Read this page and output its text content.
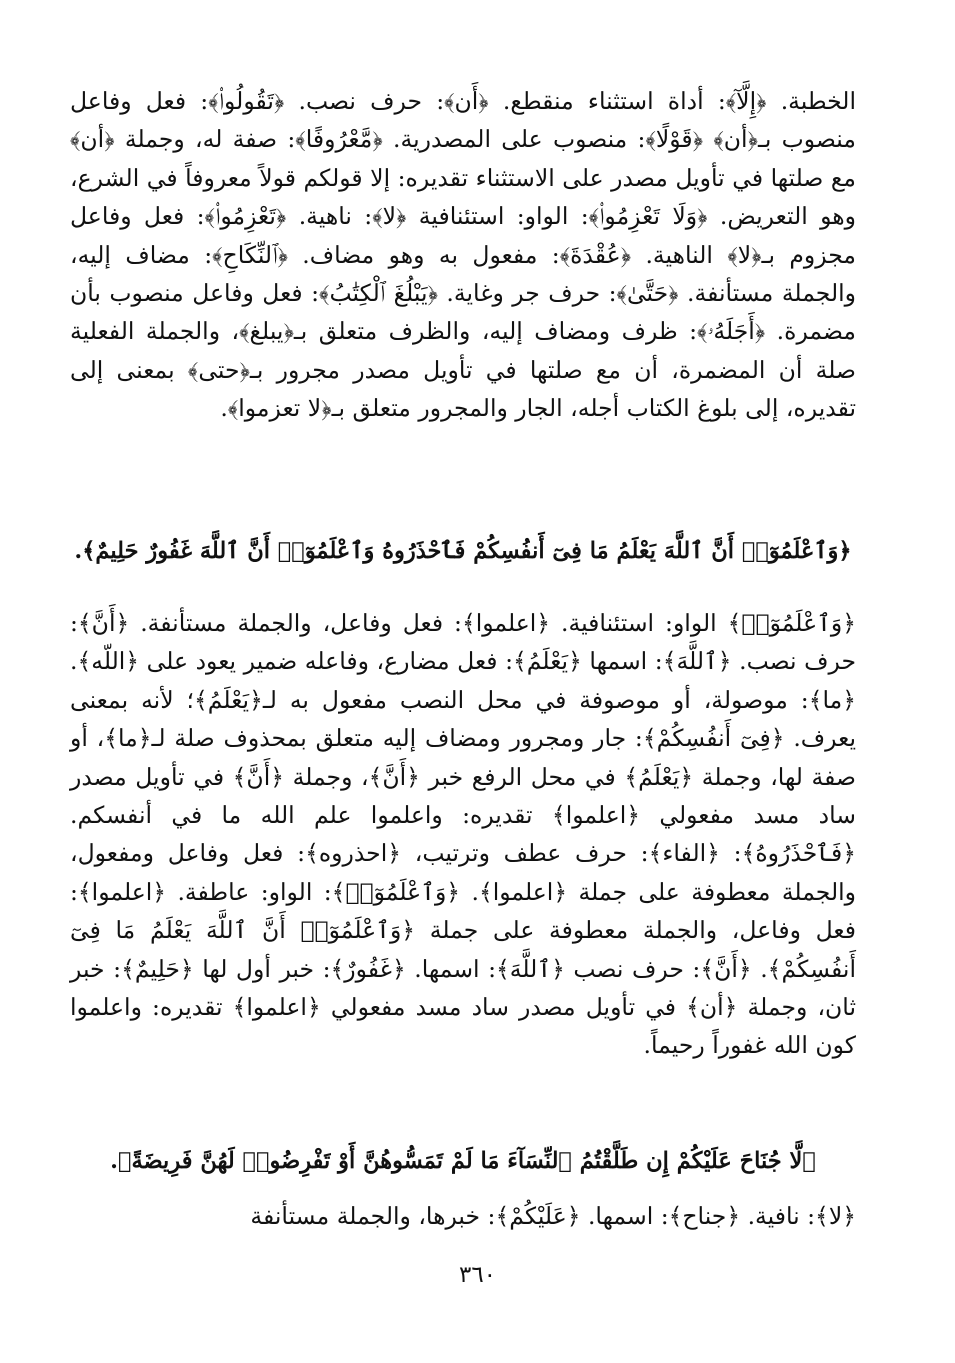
الخطبة. ﴿إِلَّآ﴾: أداة استثناء منقطع. ﴿أَن﴾: حرف نصب. ﴿تَقُولُوا۟﴾: فعل وفاعل منصوب بـ﴿أن﴾ ﴿قَوْلًا﴾: منصوب على المصدرية. ﴿مَّعْرُوفًا﴾: صفة له، وجملة ﴿أن﴾ مع صلتها في تأويل مصدر على الاستثناء تقديره: إلا قولكم قولاً معروفاً في الشرع، وهو التعريض. ﴿وَلَا تَعْزِمُوا۟﴾: الواو: استئنافية ﴿لا﴾: ناهية. ﴿تَعْزِمُوا۟﴾: فعل وفاعل مجزوم بـ﴿لا﴾ الناهية. ﴿عُقْدَةَ﴾: مفعول به وهو مضاف. ﴿ٱلنِّكَاحِ﴾: مضاف إليه، والجملة مستأنفة. ﴿حَتَّىٰ﴾: حرف جر وغاية. ﴿يَبْلُغَ ٱلْكِتَٰبُ﴾: فعل وفاعل منصوب بأن مضمرة. ﴿أَجَلَهُۥ﴾: ظرف ومضاف إليه، والظرف متعلق بـ﴿يبلغ﴾، والجملة الفعلية صلة أن المضمرة، أن مع صلتها في تأويل مصدر مجرور بـ﴿حتى﴾ بمعنى إلى تقديره، إلى بلوغ الكتاب أجله، الجار والمجرور متعلق بـ﴿لا تعزموا﴾.

﴿وَٱعْلَمُوٓا۟ أَنَّ ٱللَّهَ يَعْلَمُ مَا فِىٓ أَنفُسِكُمْ فَٱحْذَرُوهُ وَٱعْلَمُوٓا۟ أَنَّ ٱللَّهَ غَفُورٌ حَلِيمٌ﴾.

﴿وَٱعْلَمُوٓا۟﴾ الواو: استئنافية. ﴿اعلموا﴾: فعل وفاعل، والجملة مستأنفة. ﴿أَنَّ﴾: حرف نصب. ﴿ٱللَّهَ﴾: اسمها ﴿يَعْلَمُ﴾: فعل مضارع، وفاعله ضمير يعود على ﴿اللّه﴾. ﴿ما﴾: موصولة، أو موصوفة في محل النصب مفعول به لـ﴿يَعْلَمُ﴾؛ لأنه بمعنى يعرف. ﴿فِىٓ أَنفُسِكُمْ﴾: جار ومجرور ومضاف إليه متعلق بمحذوف صلة لـ﴿ما﴾، أو صفة لها، وجملة ﴿يَعْلَمُ﴾ في محل الرفع خبر ﴿أَنَّ﴾، وجملة ﴿أَنَّ﴾ في تأويل مصدر ساد مسد مفعولي ﴿اعلموا﴾ تقديره: واعلموا علم الله ما في أنفسكم. ﴿فَٱحْذَرُوهُ﴾: ﴿الفاء﴾: حرف عطف وترتيب، ﴿احذروه﴾: فعل وفاعل ومفعول، والجملة معطوفة على جملة ﴿اعلموا﴾. ﴿وَٱعْلَمُوٓا۟﴾: الواو: عاطفة. ﴿اعلموا﴾: فعل وفاعل، والجملة معطوفة على جملة ﴿وَٱعْلَمُوٓا۟ أَنَّ ٱللَّهَ يَعْلَمُ مَا فِىٓ أَنفُسِكُمْ﴾. ﴿أَنَّ﴾: حرف نصب ﴿ٱللَّهَ﴾: اسمها. ﴿غَفُورٌ﴾: خبر أول لها ﴿حَلِيمٌ﴾: خبر ثان، وجملة ﴿أن﴾ في تأويل مصدر ساد مسد مفعولي ﴿اعلموا﴾ تقديره: واعلموا كون الله غفوراً رحيماً.

﴿لَّا جُنَاحَ عَلَيْكُمْ إِن طَلَّقْتُمُ ٱلنِّسَآءَ مَا لَمْ تَمَسُّوهُنَّ أَوْ تَفْرِضُوا۟ لَهُنَّ فَرِيضَةً﴾.

﴿لا﴾: نافية. ﴿جناح﴾: اسمها. ﴿عَلَيْكُمْ﴾: خبرها، والجملة مستأنفة

٣٦٠
